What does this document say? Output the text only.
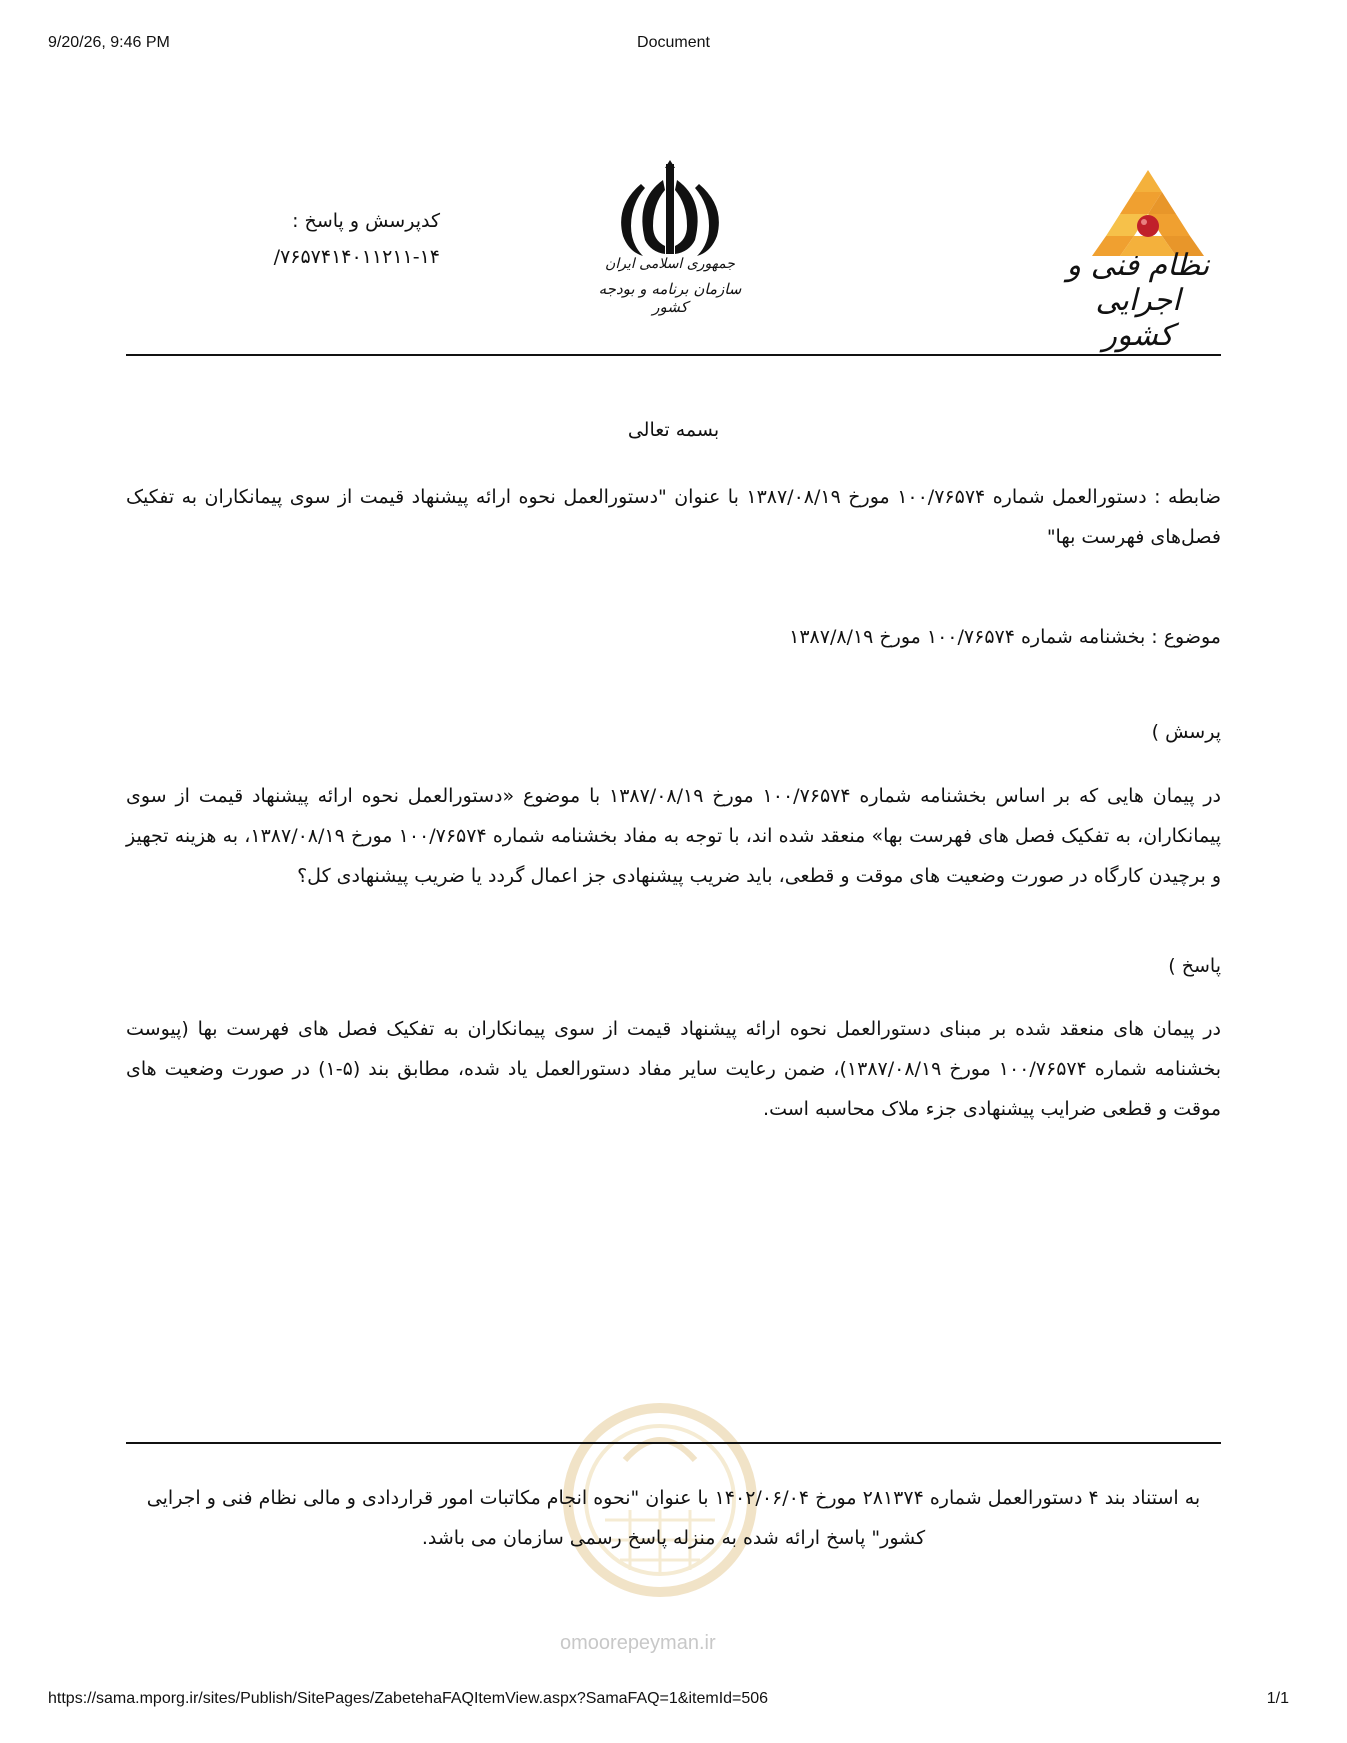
9/20/26, 9:46 PM	Document
https://sama.mporg.ir/sites/Publish/SitePages/ZabetehaFAQItemView.aspx?SamaFAQ=1&itemId=506	1/1
نظام فنی و اجرایی کشور
جمهوری اسلامی ایران
سازمان برنامه و بودجه کشور
کدپرسش و پاسخ :
۷۶۵۷۴۱۴۰۱۱۲۱۱-۱۴/
بسمه تعالی
ضابطه : دستورالعمل شماره ۱۰۰/۷۶۵۷۴ مورخ ۱۳۸۷/۰۸/۱۹ با عنوان "دستورالعمل نحوه ارائه پیشنهاد قیمت از سوی پیمانکاران به تفکیک فصل‌های فهرست بها"
موضوع : بخشنامه شماره ۱۰۰/۷۶۵۷۴ مورخ ۱۳۸۷/۸/۱۹
پرسش )
در پیمان هایی که بر اساس بخشنامه شماره ۱۰۰/۷۶۵۷۴ مورخ ۱۳۸۷/۰۸/۱۹ با موضوع «دستورالعمل نحوه ارائه پیشنهاد قیمت از سوی پیمانکاران، به تفکیک فصل های فهرست بها» منعقد شده اند، با توجه به مفاد بخشنامه شماره ۱۰۰/۷۶۵۷۴ مورخ ۱۳۸۷/۰۸/۱۹، به هزینه تجهیز و برچیدن کارگاه در صورت وضعیت های موقت و قطعی، باید ضریب پیشنهادی جز اعمال گردد یا ضریب پیشنهادی کل؟
پاسخ )
در پیمان های منعقد شده بر مبنای دستورالعمل نحوه ارائه پیشنهاد قیمت از سوی پیمانکاران به تفکیک فصل های فهرست بها (پیوست بخشنامه شماره ۱۰۰/۷۶۵۷۴ مورخ ۱۳۸۷/۰۸/۱۹)، ضمن رعایت سایر مفاد دستورالعمل یاد شده، مطابق بند (۵-۱) در صورت وضعیت های موقت و قطعی ضرایب پیشنهادی جزء ملاک محاسبه است.
omoorepeyman.ir
به استناد بند ۴ دستورالعمل شماره ۲۸۱۳۷۴ مورخ ۱۴۰۲/۰۶/۰۴ با عنوان "نحوه انجام مکاتبات امور قراردادی و مالی نظام فنی و اجرایی کشور" پاسخ ارائه شده به منزله پاسخ رسمی سازمان می باشد.
